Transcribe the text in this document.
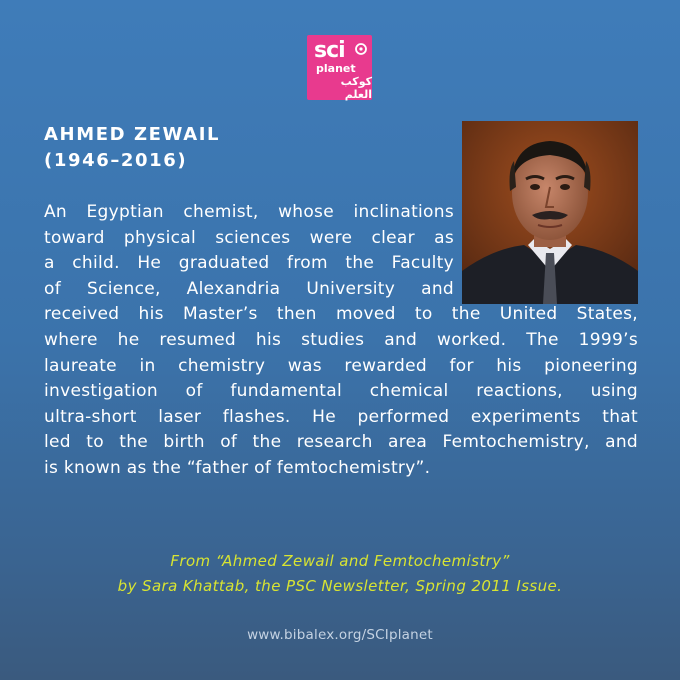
sci
planet
كوكب العلم
AHMED ZEWAIL
(1946–2016)

An Egyptian chemist, whose inclinations
toward physical sciences were clear as
a child. He graduated from the Faculty
of Science, Alexandria University and
received his Master’s then moved to the United States,
where he resumed his studies and worked. The 1999’s
laureate in chemistry was rewarded for his pioneering
investigation of fundamental chemical reactions, using
ultra-short laser flashes. He performed experiments that
led to the birth of the research area Femtochemistry, and
is known as the “father of femtochemistry”.

From “Ahmed Zewail and Femtochemistry”
by Sara Khattab, the PSC Newsletter, Spring 2011 Issue.
www.bibalex.org/SCIplanet
